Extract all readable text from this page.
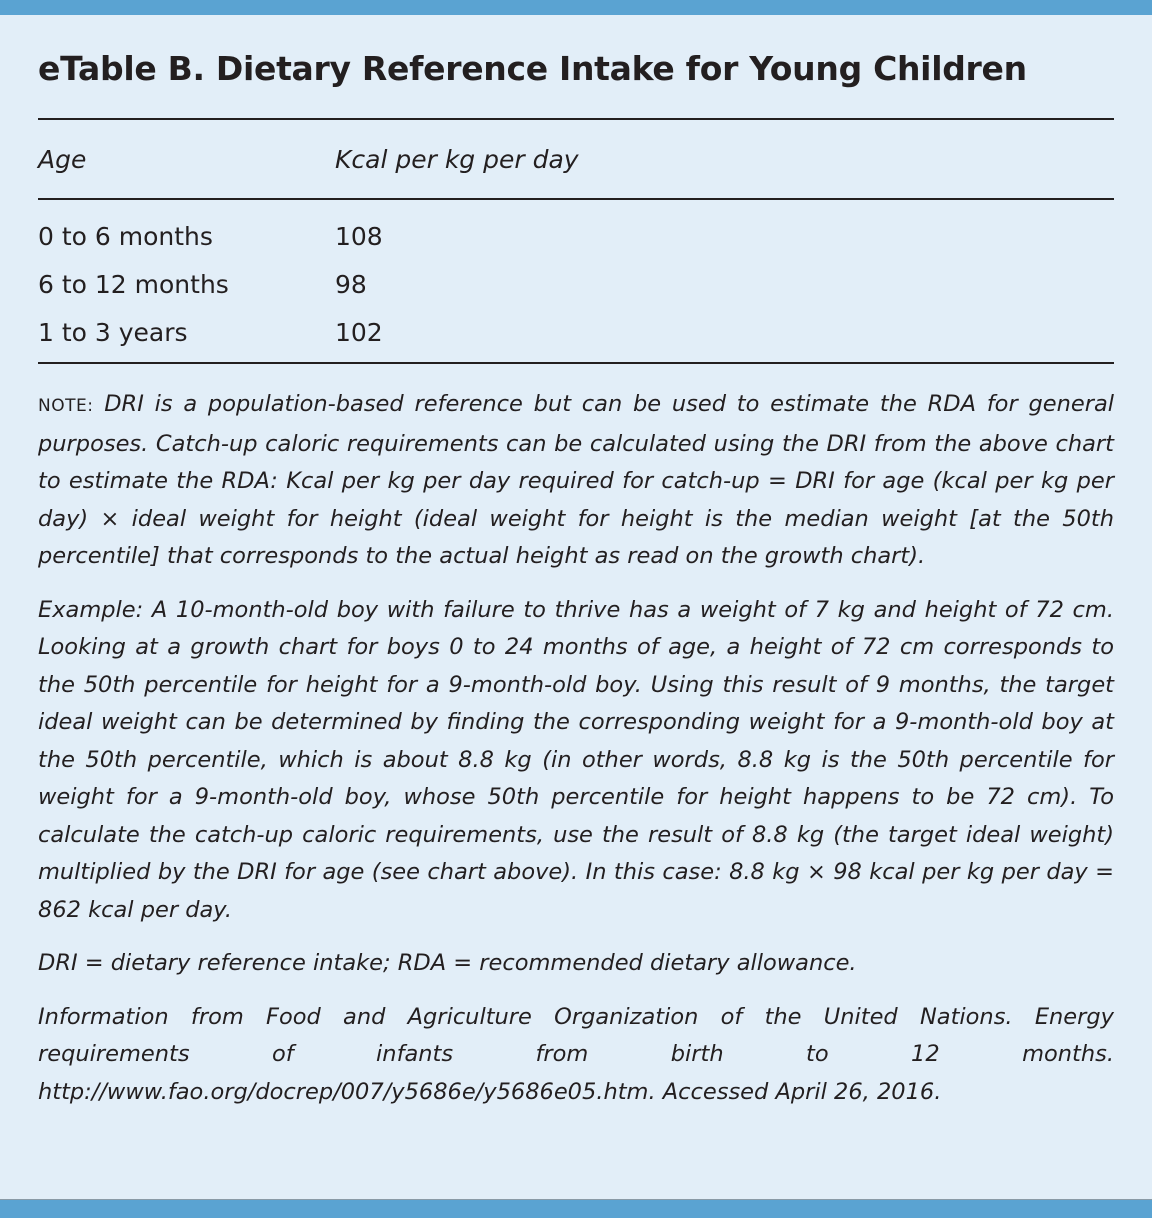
eTable B. Dietary Reference Intake for Young Children
Age	Kcal per kg per day
0 to 6 months	108
6 to 12 months	98
1 to 3 years	102

NOTE: DRI is a population-based reference but can be used to estimate the RDA for general purposes. Catch-up caloric requirements can be calculated using the DRI from the above chart to estimate the RDA: Kcal per kg per day required for catch-up = DRI for age (kcal per kg per day) × ideal weight for height (ideal weight for height is the median weight [at the 50th percentile] that corresponds to the actual height as read on the growth chart).

Example: A 10-month-old boy with failure to thrive has a weight of 7 kg and height of 72 cm. Looking at a growth chart for boys 0 to 24 months of age, a height of 72 cm corresponds to the 50th percentile for height for a 9-month-old boy. Using this result of 9 months, the target ideal weight can be determined by finding the corresponding weight for a 9-month-old boy at the 50th percentile, which is about 8.8 kg (in other words, 8.8 kg is the 50th percentile for weight for a 9-month-old boy, whose 50th percentile for height happens to be 72 cm). To calculate the catch-up caloric requirements, use the result of 8.8 kg (the target ideal weight) multiplied by the DRI for age (see chart above). In this case: 8.8 kg × 98 kcal per kg per day = 862 kcal per day.

DRI = dietary reference intake; RDA = recommended dietary allowance.

Information from Food and Agriculture Organization of the United Nations. Energy requirements of infants from birth to 12 months. http://www.fao.org/docrep/007/y5686e/y5686e05.htm. Accessed April 26, 2016.
